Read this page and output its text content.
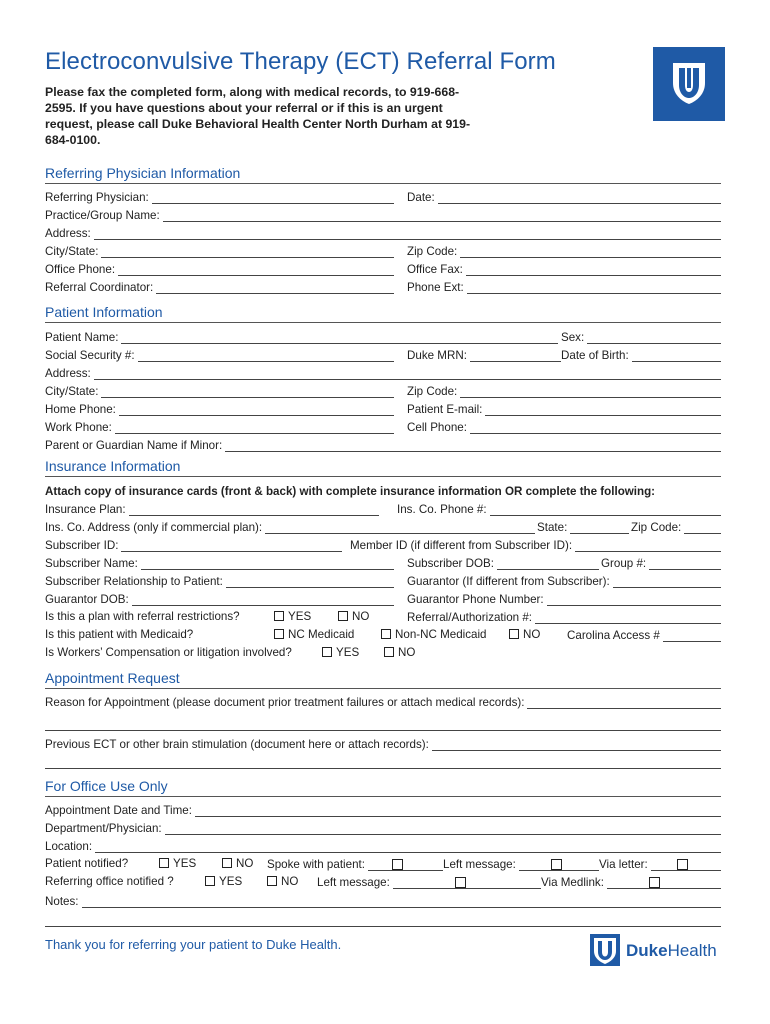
Electroconvulsive Therapy (ECT) Referral Form
Please fax the completed form, along with medical records, to 919-668-2595. If you have questions about your referral or if this is an urgent request, please call Duke Behavioral Health Center North Durham at 919-684-0100.
Referring Physician Information
Referring Physician:	Date:
Practice/Group Name:
Address:
City/State:	Zip Code:
Office Phone:	Office Fax:
Referral Coordinator:	Phone Ext:
Patient Information
Patient Name:	Sex:
Social Security #:	Duke MRN:	Date of Birth:
Address:
City/State:	Zip Code:
Home Phone:	Patient E-mail:
Work Phone:	Cell Phone:
Parent or Guardian Name if Minor:
Insurance Information
Attach copy of insurance cards (front & back) with complete insurance information OR complete the following:
Insurance Plan:	Ins. Co. Phone #:
Ins. Co. Address (only if commercial plan):	State:	Zip Code:
Subscriber ID:	Member ID (if different from Subscriber ID):
Subscriber Name:	Subscriber DOB:	Group #:
Subscriber Relationship to Patient:	Guarantor (If different from Subscriber):
Guarantor DOB:	Guarantor Phone Number:
Is this a plan with referral restrictions?	YES	NO	Referral/Authorization #:
Is this patient with Medicaid?	NC Medicaid	Non-NC Medicaid	NO Carolina Access #
Is Workers’ Compensation or litigation involved?	YES	NO
Appointment Request
Reason for Appointment (please document prior treatment failures or attach medical records):
Previous ECT or other brain stimulation (document here or attach records):
For Office Use Only
Appointment Date and Time:
Department/Physician:
Location:
Patient notified?	YES	NO Spoke with patient:	Left message:	Via letter:
Referring office notified ?	YES	NO Left message:	Via Medlink:
Notes:
Thank you for referring your patient to Duke Health.	DukeHealth
